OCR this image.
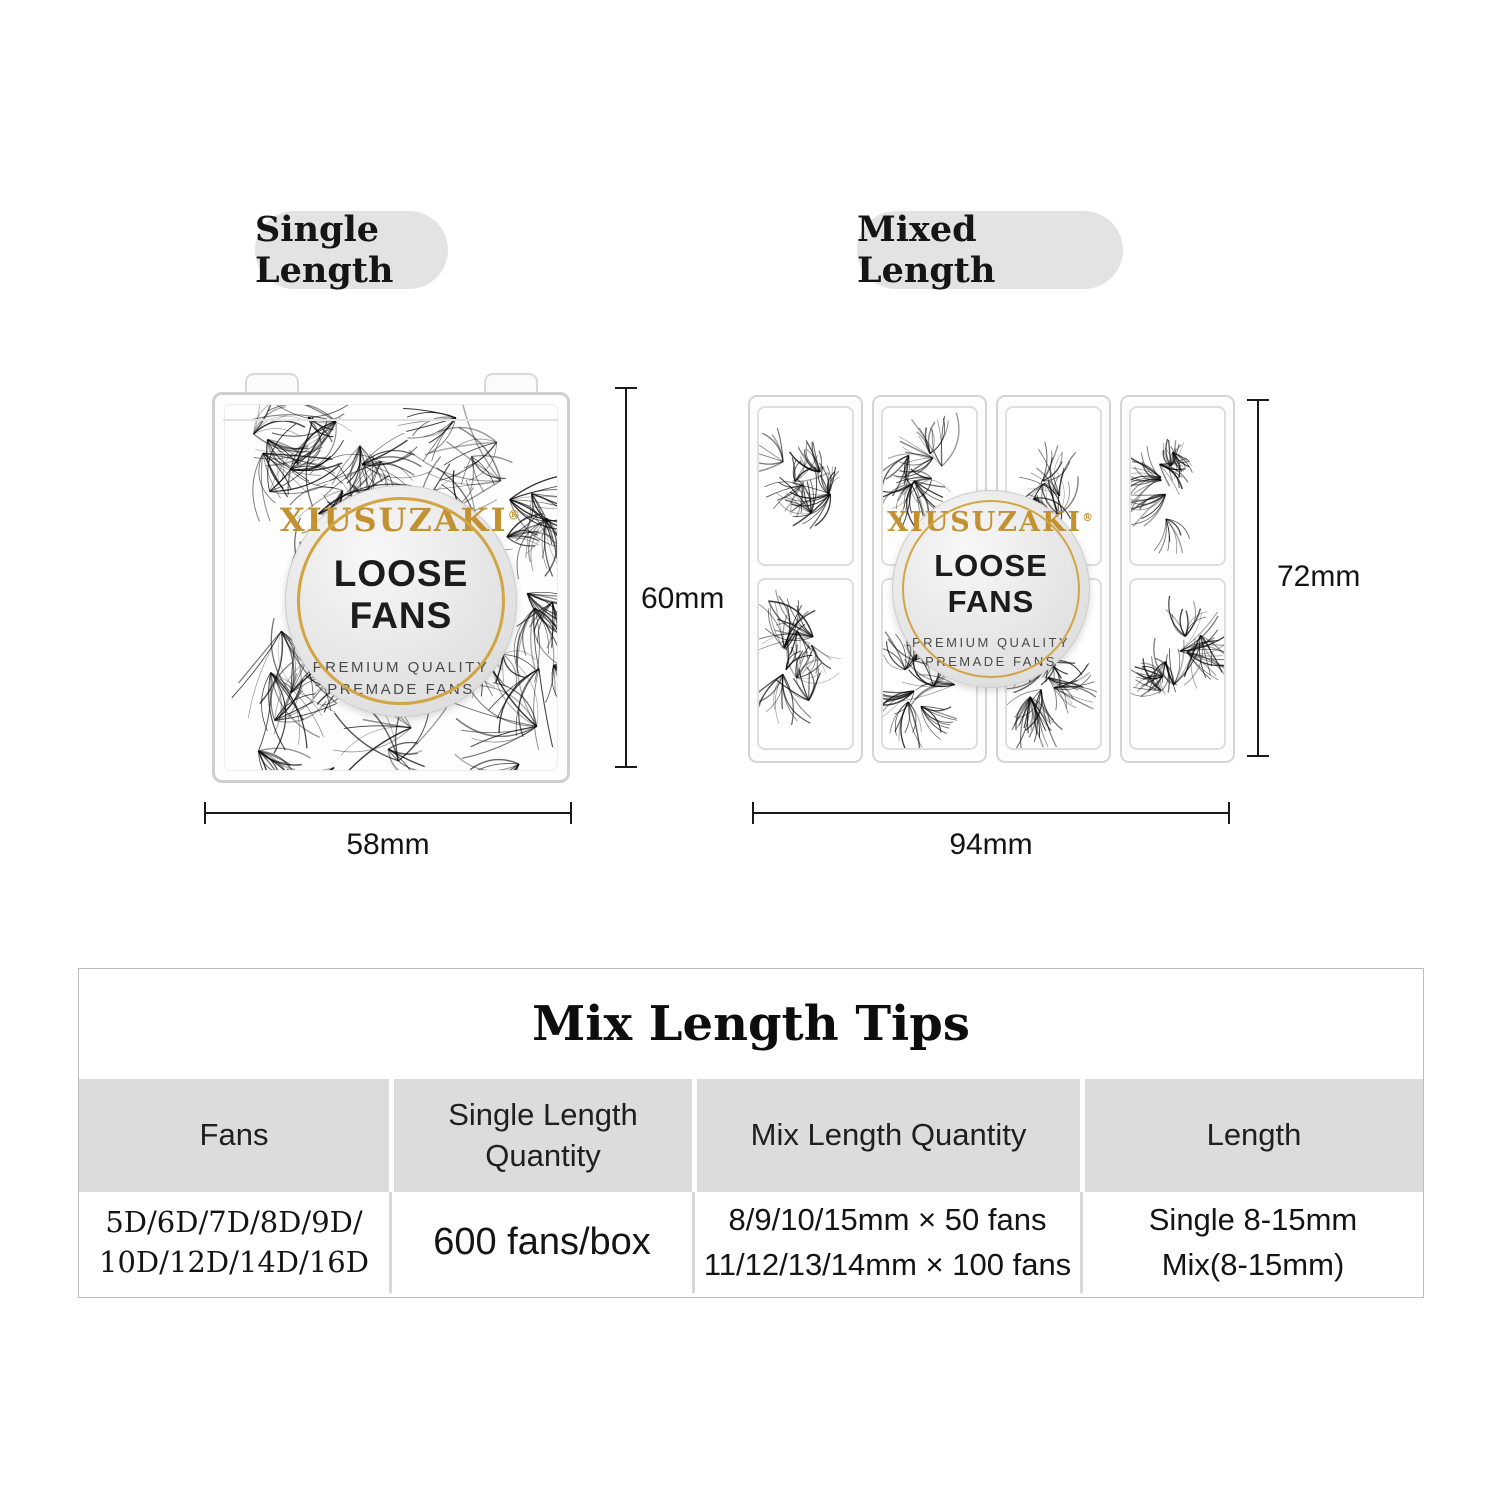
Single Length
Mixed Length
XIUSUZAKI®
LOOSE FANS
PREMIUM QUALITY
PREMADE FANS
60mm
58mm
XIUSUZAKI®
LOOSE FANS
PREMIUM QUALITY
PREMADE FANS
72mm
94mm
Mix Length Tips
Fans
Single Length Quantity
Mix Length Quantity	Length
5D/6D/7D/8D/9D/
10D/12D/14D/16D 600 fans/box
8/9/10/15mm × 50 fans
11/12/13/14mm × 100 fans
Single 8-15mm
Mix(8-15mm)
